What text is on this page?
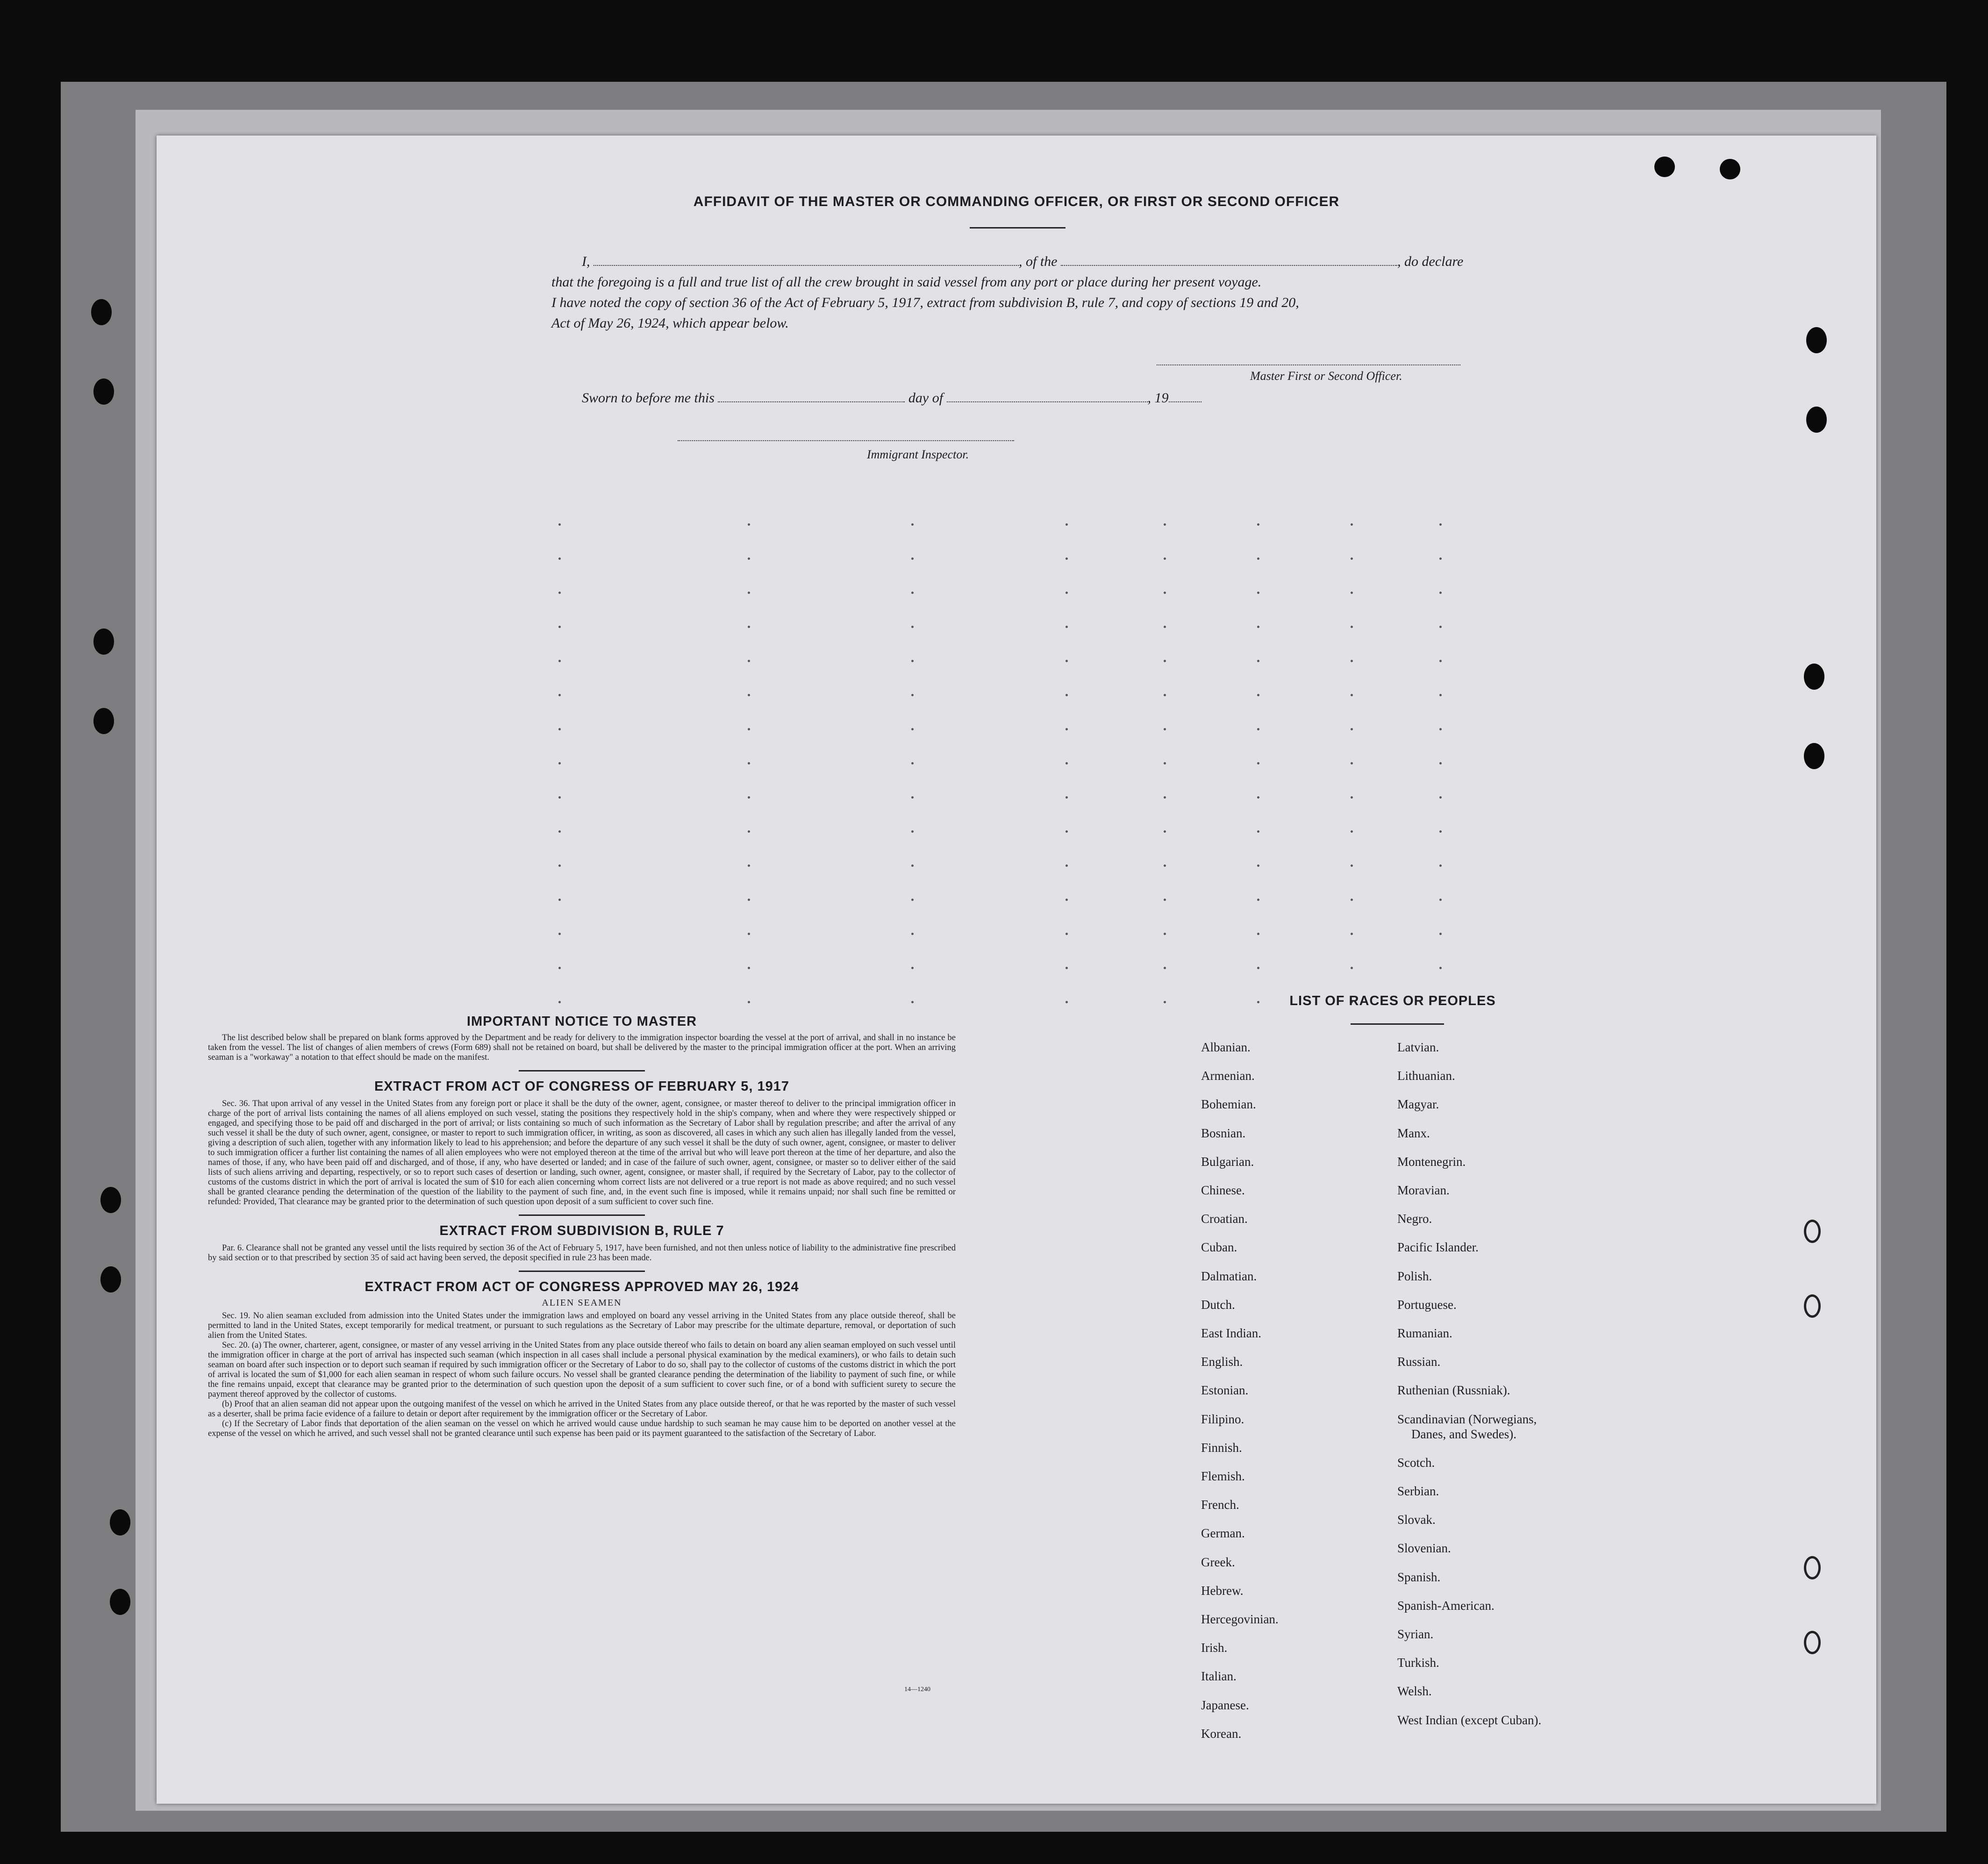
AFFIDAVIT OF THE MASTER OR COMMANDING OFFICER, OR FIRST OR SECOND OFFICER
I,	, of the	, do declare
that the foregoing is a full and true list of all the crew brought in said vessel from any port or place during her present voyage.
I have noted the copy of section 36 of the Act of February 5, 1917, extract from subdivision B, rule 7, and copy of sections 19 and 20,
Act of May 26, 1924, which appear below.
Master First or Second Officer.
Sworn to before me this	day of	, 19
Immigrant Inspector.

IMPORTANT NOTICE TO MASTER

The list described below shall be prepared on blank forms approved by the Department and be ready for delivery to the immigration inspector boarding the vessel at the port of arrival, and shall in no instance be taken from the vessel. The list of changes of alien members of crews (Form 689) shall not be retained on board, but shall be delivered by the master to the principal immigration officer at the port. When an arriving seaman is a "workaway" a notation to that effect should be made on the manifest.

EXTRACT FROM ACT OF CONGRESS OF FEBRUARY 5, 1917

Sec. 36. That upon arrival of any vessel in the United States from any foreign port or place it shall be the duty of the owner, agent, consignee, or master thereof to deliver to the principal immigration officer in charge of the port of arrival lists containing the names of all aliens employed on such vessel, stating the positions they respectively hold in the ship's company, when and where they were respectively shipped or engaged, and specifying those to be paid off and discharged in the port of arrival; or lists containing so much of such information as the Secretary of Labor shall by regulation prescribe; and after the arrival of any such vessel it shall be the duty of such owner, agent, consignee, or master to report to such immigration officer, in writing, as soon as discovered, all cases in which any such alien has illegally landed from the vessel, giving a description of such alien, together with any information likely to lead to his apprehension; and before the departure of any such vessel it shall be the duty of such owner, agent, consignee, or master to deliver to such immigration officer a further list containing the names of all alien employees who were not employed thereon at the time of the arrival but who will leave port thereon at the time of her departure, and also the names of those, if any, who have been paid off and discharged, and of those, if any, who have deserted or landed; and in case of the failure of such owner, agent, consignee, or master so to deliver either of the said lists of such aliens arriving and departing, respectively, or so to report such cases of desertion or landing, such owner, agent, consignee, or master shall, if required by the Secretary of Labor, pay to the collector of customs of the customs district in which the port of arrival is located the sum of $10 for each alien concerning whom correct lists are not delivered or a true report is not made as above required; and no such vessel shall be granted clearance pending the determination of the question of the liability to the payment of such fine, and, in the event such fine is imposed, while it remains unpaid; nor shall such fine be remitted or refunded: Provided, That clearance may be granted prior to the determination of such question upon deposit of a sum sufficient to cover such fine.

EXTRACT FROM SUBDIVISION B, RULE 7

Par. 6. Clearance shall not be granted any vessel until the lists required by section 36 of the Act of February 5, 1917, have been furnished, and not then unless notice of liability to the administrative fine prescribed by said section or to that prescribed by section 35 of said act having been served, the deposit specified in rule 23 has been made.

EXTRACT FROM ACT OF CONGRESS APPROVED MAY 26, 1924

ALIEN SEAMEN

Sec. 19. No alien seaman excluded from admission into the United States under the immigration laws and employed on board any vessel arriving in the United States from any place outside thereof, shall be permitted to land in the United States, except temporarily for medical treatment, or pursuant to such regulations as the Secretary of Labor may prescribe for the ultimate departure, removal, or deportation of such alien from the United States.

Sec. 20. (a) The owner, charterer, agent, consignee, or master of any vessel arriving in the United States from any place outside thereof who fails to detain on board any alien seaman employed on such vessel until the immigration officer in charge at the port of arrival has inspected such seaman (which inspection in all cases shall include a personal physical examination by the medical examiners), or who fails to detain such seaman on board after such inspection or to deport such seaman if required by such immigration officer or the Secretary of Labor to do so, shall pay to the collector of customs of the customs district in which the port of arrival is located the sum of $1,000 for each alien seaman in respect of whom such failure occurs. No vessel shall be granted clearance pending the determination of the liability to payment of such fine, or while the fine remains unpaid, except that clearance may be granted prior to the determination of such question upon the deposit of a sum sufficient to cover such fine, or of a bond with sufficient surety to secure the payment thereof approved by the collector of customs.

(b) Proof that an alien seaman did not appear upon the outgoing manifest of the vessel on which he arrived in the United States from any place outside thereof, or that he was reported by the master of such vessel as a deserter, shall be prima facie evidence of a failure to detain or deport after requirement by the immigration officer or the Secretary of Labor.

(c) If the Secretary of Labor finds that deportation of the alien seaman on the vessel on which he arrived would cause undue hardship to such seaman he may cause him to be deported on another vessel at the expense of the vessel on which he arrived, and such vessel shall not be granted clearance until such expense has been paid or its payment guaranteed to the satisfaction of the Secretary of Labor.

14—1240
LIST OF RACES OR PEOPLES
Albanian.
Armenian.
Bohemian.
Bosnian.
Bulgarian.
Chinese.
Croatian.
Cuban.
Dalmatian.
Dutch.
East Indian.
English.
Estonian.
Filipino.
Finnish.
Flemish.
French.
German.
Greek.
Hebrew.
Hercegovinian.
Irish.
Italian.
Japanese.
Korean.
Latvian.
Lithuanian.
Magyar.
Manx.
Montenegrin.
Moravian.
Negro.
Pacific Islander.
Polish.
Portuguese.
Rumanian.
Russian.
Ruthenian (Russniak).
Scandinavian (Norwegians,
Danes, and Swedes).
Scotch.
Serbian.
Slovak.
Slovenian.
Spanish.
Spanish-American.
Syrian.
Turkish.
Welsh.
West Indian (except Cuban).
